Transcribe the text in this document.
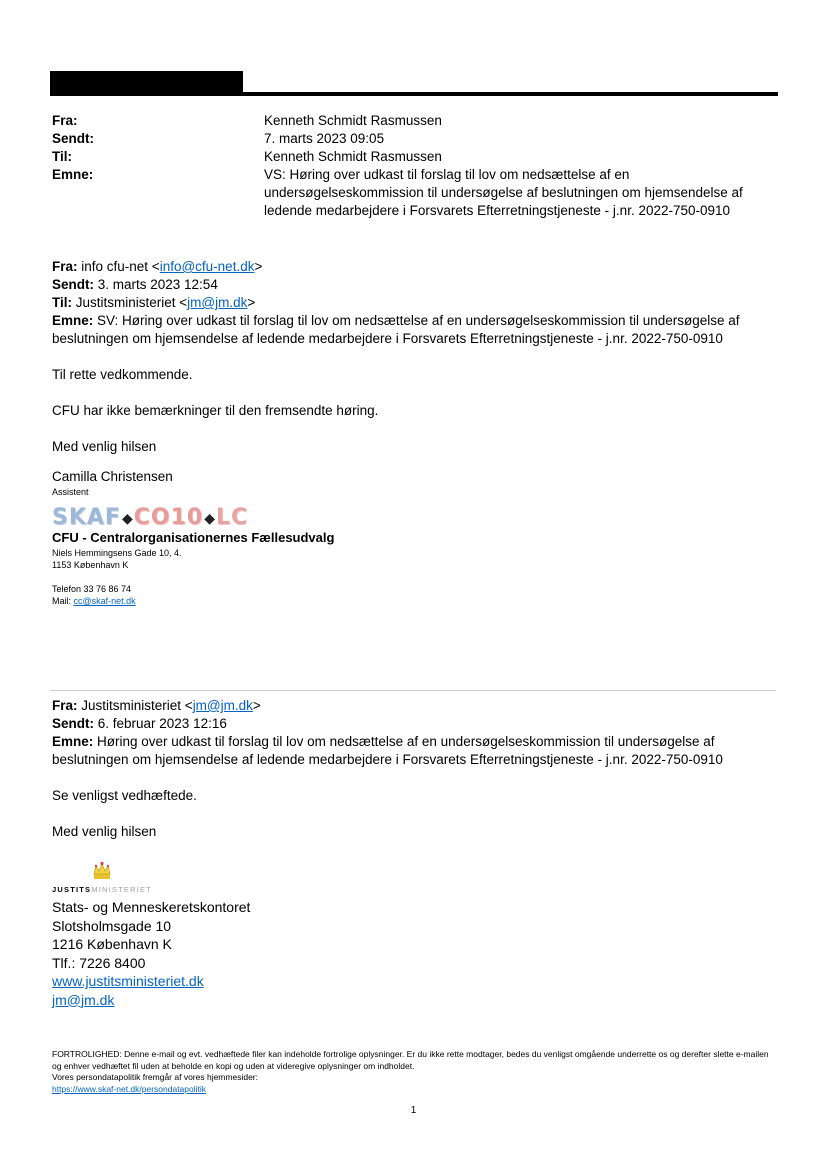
Fra:	Kenneth Schmidt Rasmussen
Sendt:	7. marts 2023 09:05
Til:	Kenneth Schmidt Rasmussen
Emne:	VS: Høring over udkast til forslag til lov om nedsættelse af en undersøgelseskommission til undersøgelse af beslutningen om hjemsendelse af ledende medarbejdere i Forsvarets Efterretningstjeneste - j.nr. 2022-750-0910

Fra: info cfu-net <info@cfu-net.dk>

Sendt: 3. marts 2023 12:54

Til: Justitsministeriet <jm@jm.dk>

Emne: SV: Høring over udkast til forslag til lov om nedsættelse af en undersøgelseskommission til undersøgelse af beslutningen om hjemsendelse af ledende medarbejdere i Forsvarets Efterretningstjeneste - j.nr. 2022-750-0910

Til rette vedkommende.

CFU har ikke bemærkninger til den fremsendte høring.

Med venlig hilsen

Camilla Christensen

Assistent

SKAF ◆ CO10 ◆ LC

CFU - Centralorganisationernes Fællesudvalg

Niels Hemmingsens Gade 10, 4.

1153 København K

Telefon 33 76 86 74

Mail: cc@skaf-net.dk

Fra: Justitsministeriet <jm@jm.dk>

Sendt: 6. februar 2023 12:16

Emne: Høring over udkast til forslag til lov om nedsættelse af en undersøgelseskommission til undersøgelse af beslutningen om hjemsendelse af ledende medarbejdere i Forsvarets Efterretningstjeneste - j.nr. 2022-750-0910

Se venligst vedhæftede.

Med venlig hilsen

JUSTITSMINISTERIET

Stats- og Menneskeretskontoret

Slotsholmsgade 10

1216 København K

Tlf.: 7226 8400

www.justitsministeriet.dk

jm@jm.dk

FORTROLIGHED: Denne e-mail og evt. vedhæftede filer kan indeholde fortrolige oplysninger. Er du ikke rette modtager, bedes du venligst omgående underrette os og derefter slette e-mailen og enhver vedhæftet fil uden at beholde en kopi og uden at videregive oplysninger om indholdet.

Vores persondatapolitik fremgår af vores hjemmesider:

https://www.skaf-net.dk/persondatapolitik

1
